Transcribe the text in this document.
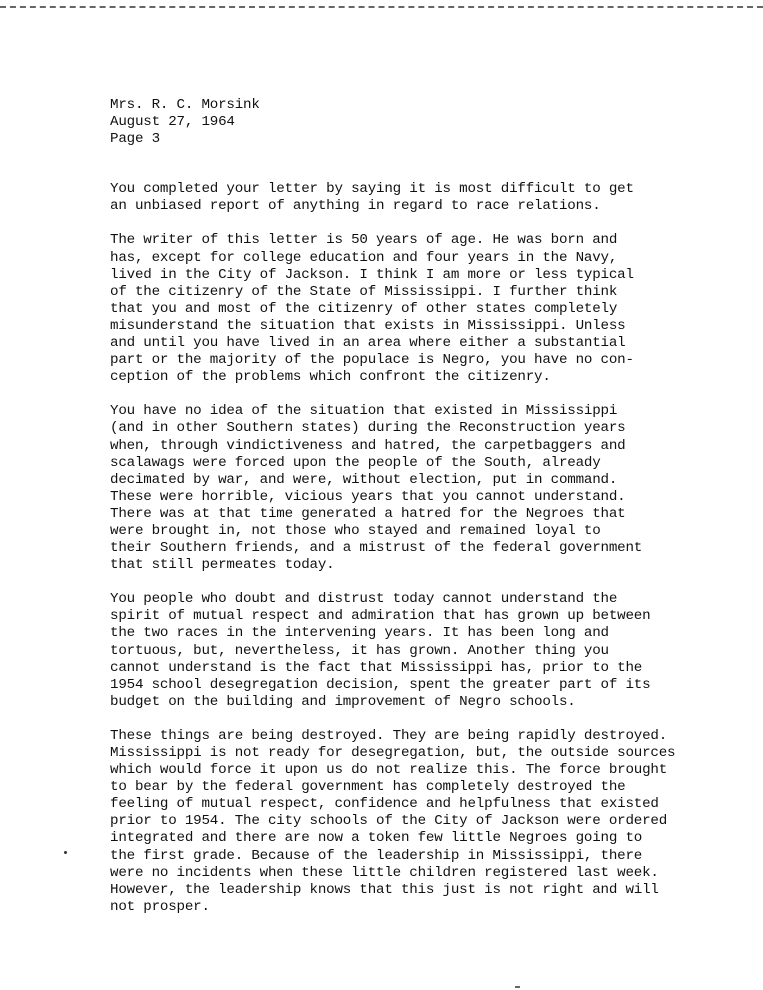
Mrs. R. C. Morsink
August 27, 1964
Page 3
You completed your letter by saying it is most difficult to get
an unbiased report of anything in regard to race relations.
The writer of this letter is 50 years of age. He was born and
has, except for college education and four years in the Navy,
lived in the City of Jackson. I think I am more or less typical
of the citizenry of the State of Mississippi. I further think
that you and most of the citizenry of other states completely
misunderstand the situation that exists in Mississippi. Unless
and until you have lived in an area where either a substantial
part or the majority of the populace is Negro, you have no con-
ception of the problems which confront the citizenry.
You have no idea of the situation that existed in Mississippi
(and in other Southern states) during the Reconstruction years
when, through vindictiveness and hatred, the carpetbaggers and
scalawags were forced upon the people of the South, already
decimated by war, and were, without election, put in command.
These were horrible, vicious years that you cannot understand.
There was at that time generated a hatred for the Negroes that
were brought in, not those who stayed and remained loyal to
their Southern friends, and a mistrust of the federal government
that still permeates today.
You people who doubt and distrust today cannot understand the
spirit of mutual respect and admiration that has grown up between
the two races in the intervening years. It has been long and
tortuous, but, nevertheless, it has grown. Another thing you
cannot understand is the fact that Mississippi has, prior to the
1954 school desegregation decision, spent the greater part of its
budget on the building and improvement of Negro schools.
These things are being destroyed. They are being rapidly destroyed.
Mississippi is not ready for desegregation, but, the outside sources
which would force it upon us do not realize this. The force brought
to bear by the federal government has completely destroyed the
feeling of mutual respect, confidence and helpfulness that existed
prior to 1954. The city schools of the City of Jackson were ordered
integrated and there are now a token few little Negroes going to
the first grade. Because of the leadership in Mississippi, there
were no incidents when these little children registered last week.
However, the leadership knows that this just is not right and will
not prosper.
